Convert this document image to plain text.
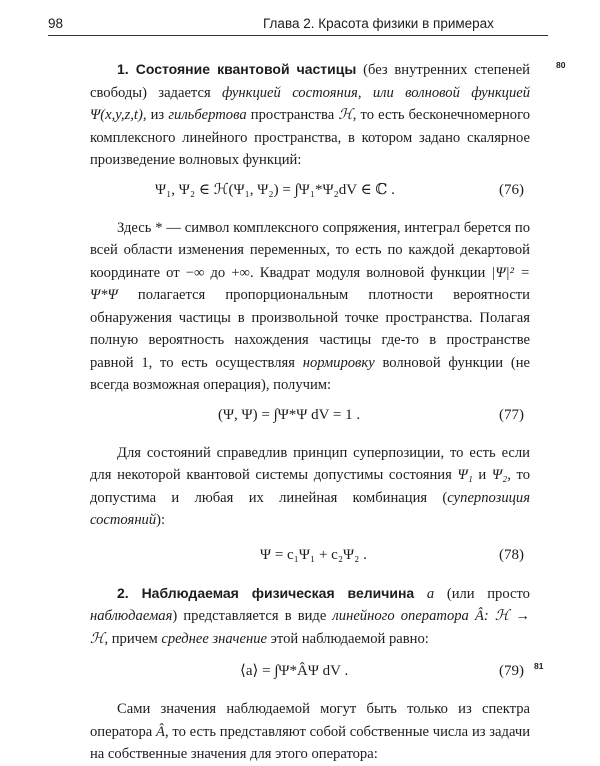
98	Глава 2. Красота физики в примерах
80
81

1. Состояние квантовой частицы (без внутренних степеней свободы) задается функцией состояния, или волновой функцией Ψ(x,y,z,t), из гильбертова пространства ℋ, то есть бесконечномерного комплексного линейного пространства, в котором задано скалярное произведение волновых функций:

Ψ₁, Ψ₂ ∈ ℋ(Ψ₁, Ψ₂) = ∫Ψ₁*Ψ₂dV ∈ ℂ .	(76)

Здесь * — символ комплексного сопряжения, интеграл берется по всей области изменения переменных, то есть по каждой декартовой координате от −∞ до +∞. Квадрат модуля волновой функции |Ψ|² = Ψ*Ψ полагается пропорциональным плотности вероятности обнаружения частицы в произвольной точке пространства. Полагая полную вероятность нахождения частицы где-то в пространстве равной 1, то есть осуществляя нормировку волновой функции (не всегда возможная операция), получим:

(Ψ, Ψ) = ∫Ψ*Ψ dV = 1 .	(77)

Для состояний справедлив принцип суперпозиции, то есть если для некоторой квантовой системы допустимы состояния Ψ₁ и Ψ₂, то допустима и любая их линейная комбинация (суперпозиция состояний):

Ψ = c₁Ψ₁ + c₂Ψ₂ .	(78)

2. Наблюдаемая физическая величина a (или просто наблюдаемая) представляется в виде линейного оператора Â: ℋ → ℋ, причем среднее значение этой наблюдаемой равно:

⟨a⟩ = ∫Ψ*ÂΨ dV .	(79)

Сами значения наблюдаемой могут быть только из спектра оператора Â, то есть представляют собой собственные числа из задачи на собственные значения для этого оператора:
